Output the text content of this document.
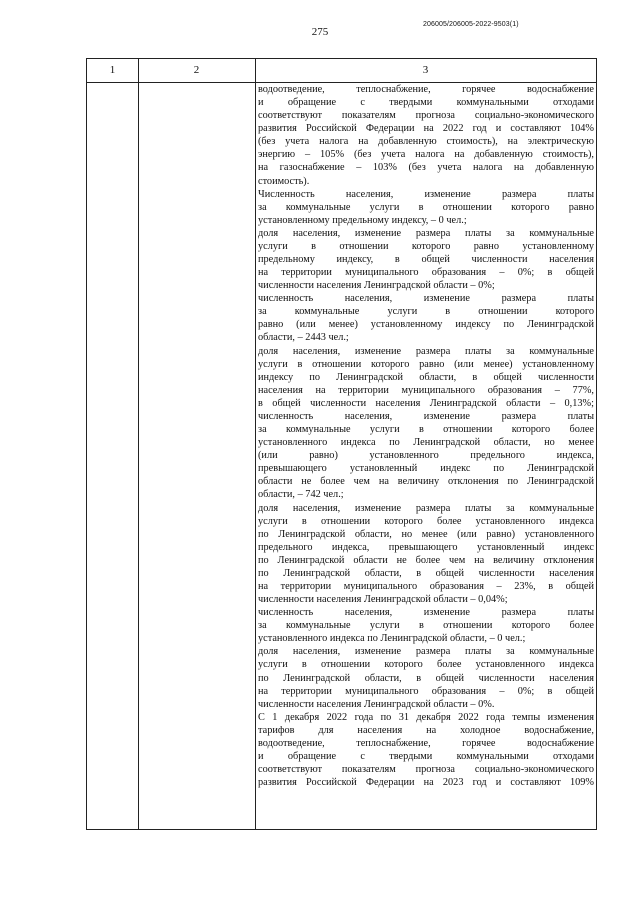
275
206005/206005-2022-9503(1)
1	2	3
водоотведение, теплоснабжение, горячее водоснабжение
и обращение с твердыми коммунальными отходами
соответствуют показателям прогноза социально-экономического
развития Российской Федерации на 2022 год и составляют 104%
(без учета налога на добавленную стоимость), на электрическую
энергию – 105% (без учета налога на добавленную стоимость),
на газоснабжение – 103% (без учета налога на добавленную
стоимость).
Численность населения, изменение размера платы
за коммунальные услуги в отношении которого равно
установленному предельному индексу, – 0 чел.;
доля населения, изменение размера платы за коммунальные
услуги в отношении которого равно установленному
предельному индексу, в общей численности населения
на территории муниципального образования – 0%; в общей
численности населения Ленинградской области – 0%;
численность населения, изменение размера платы
за коммунальные услуги в отношении которого
равно (или менее) установленному индексу по Ленинградской
области, – 2443 чел.;
доля населения, изменение размера платы за коммунальные
услуги в отношении которого равно (или менее) установленному
индексу по Ленинградской области, в общей численности
населения на территории муниципального образования – 77%,
в общей численности населения Ленинградской области – 0,13%;
численность населения, изменение размера платы
за коммунальные услуги в отношении которого более
установленного индекса по Ленинградской области, но менее
(или равно) установленного предельного индекса,
превышающего установленный индекс по Ленинградской
области не более чем на величину отклонения по Ленинградской
области, – 742 чел.;
доля населения, изменение размера платы за коммунальные
услуги в отношении которого более установленного индекса
по Ленинградской области, но менее (или равно) установленного
предельного индекса, превышающего установленный индекс
по Ленинградской области не более чем на величину отклонения
по Ленинградской области, в общей численности населения
на территории муниципального образования – 23%, в общей
численности населения Ленинградской области – 0,04%;
численность населения, изменение размера платы
за коммунальные услуги в отношении которого более
установленного индекса по Ленинградской области, – 0 чел.;
доля населения, изменение размера платы за коммунальные
услуги в отношении которого более установленного индекса
по Ленинградской области, в общей численности населения
на территории муниципального образования – 0%; в общей
численности населения Ленинградской области – 0%.
С 1 декабря 2022 года по 31 декабря 2022 года темпы изменения
тарифов для населения на холодное водоснабжение,
водоотведение, теплоснабжение, горячее водоснабжение
и обращение с твердыми коммунальными отходами
соответствуют показателям прогноза социально-экономического
развития Российской Федерации на 2023 год и составляют 109%
